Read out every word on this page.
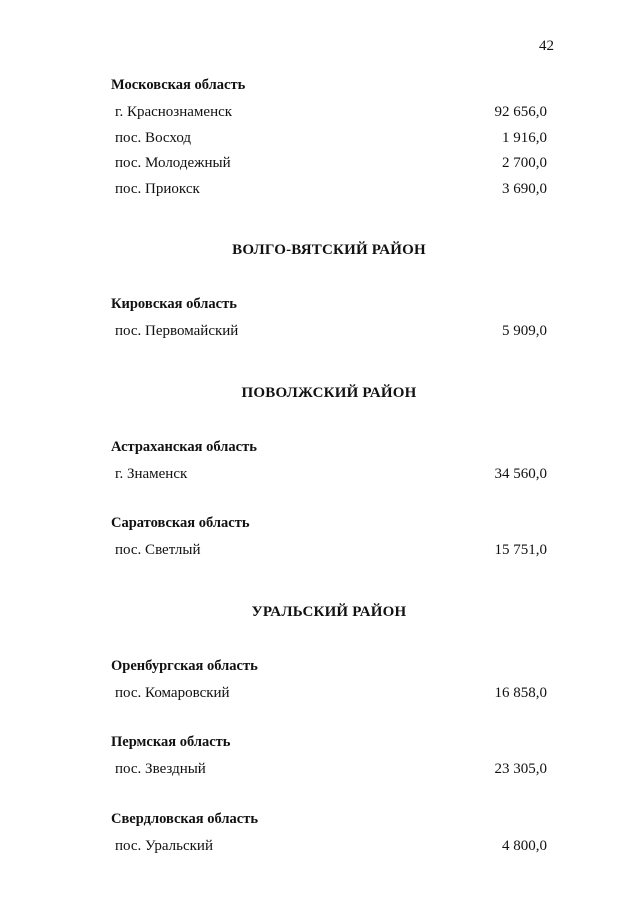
42
Московская область
г. Краснознаменск	92 656,0
пос. Восход	1 916,0
пос. Молодежный	2 700,0
пос. Приокск	3 690,0
ВОЛГО-ВЯТСКИЙ РАЙОН
Кировская область
пос. Первомайский	5 909,0
ПОВОЛЖСКИЙ РАЙОН
Астраханская область
г. Знаменск	34 560,0
Саратовская область
пос. Светлый	15 751,0
УРАЛЬСКИЙ РАЙОН
Оренбургская область
пос. Комаровский	16 858,0
Пермская область
пос. Звездный	23 305,0
Свердловская область
пос. Уральский	4 800,0
